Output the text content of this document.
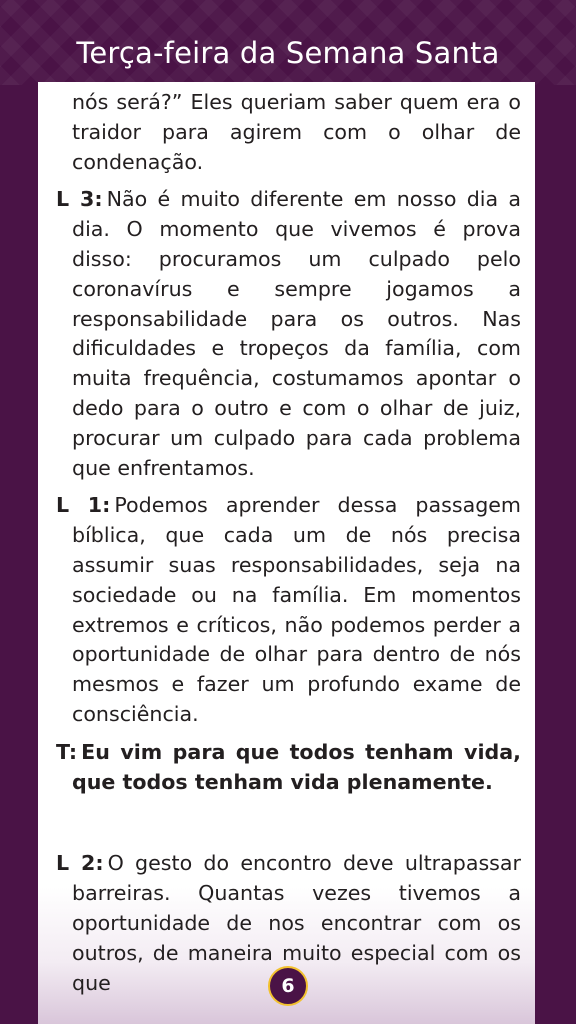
Terça-feira da Semana Santa

nós será?” Eles queriam saber quem era o traidor para agirem com o olhar de condenação.

L 3: Não é muito diferente em nosso dia a dia. O momento que vivemos é prova disso: procuramos um culpado pelo coronavírus e sempre jogamos a responsabilidade para os outros. Nas dificuldades e tropeços da família, com muita frequência, costumamos apontar o dedo para o outro e com o olhar de juiz, procurar um culpado para cada problema que enfrentamos.

L 1: Podemos aprender dessa passagem bíblica, que cada um de nós precisa assumir suas responsabilidades, seja na sociedade ou na família. Em momentos extremos e críticos, não podemos perder a oportunidade de olhar para dentro de nós mesmos e fazer um profundo exame de consciência.

T: Eu vim para que todos tenham vida, que todos tenham vida plenamente.

L 2: O gesto do encontro deve ultrapassar barreiras. Quantas vezes tivemos a oportunidade de nos encontrar com os outros, de maneira muito especial com os que	6
